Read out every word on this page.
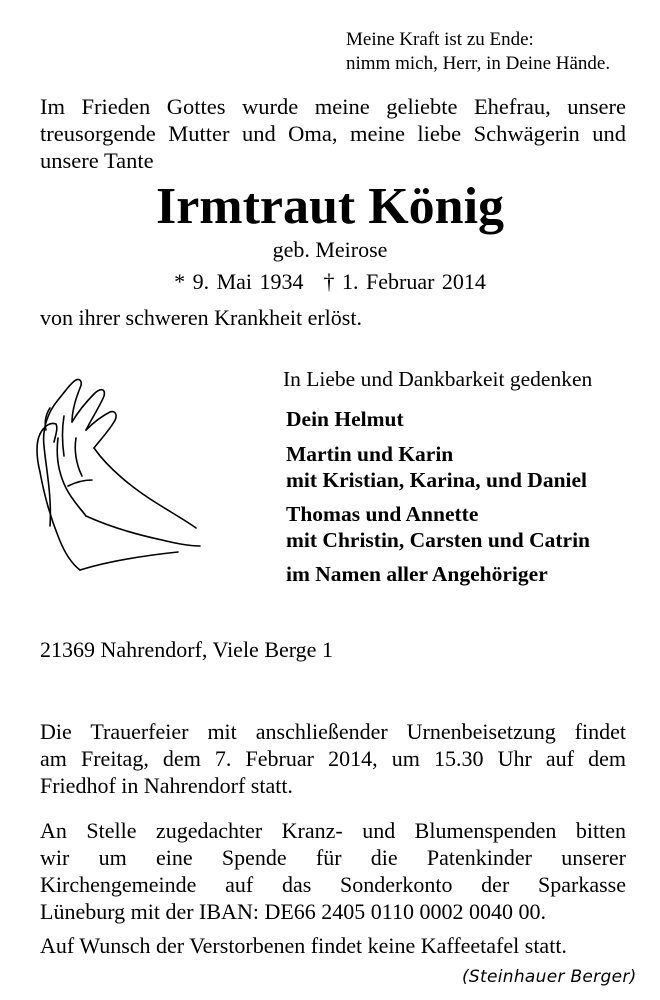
Meine Kraft ist zu Ende:
nimm mich, Herr, in Deine Hände.
Im Frieden Gottes wurde meine geliebte Ehefrau, unsere
treusorgende Mutter und Oma, meine liebe Schwägerin und
unsere Tante
Irmtraut König
geb. Meirose
* 9. Mai 1934 † 1. Februar 2014
von ihrer schweren Krankheit erlöst.
In Liebe und Dankbarkeit gedenken
Dein Helmut
Martin und Karin
mit Kristian, Karina, und Daniel
Thomas und Annette
mit Christin, Carsten und Catrin
im Namen aller Angehöriger
21369 Nahrendorf, Viele Berge 1
Die Trauerfeier mit anschließender Urnenbeisetzung findet
am Freitag, dem 7. Februar 2014, um 15.30 Uhr auf dem
Friedhof in Nahrendorf statt.
An Stelle zugedachter Kranz- und Blumenspenden bitten
wir um eine Spende für die Patenkinder unserer
Kirchengemeinde auf das Sonderkonto der Sparkasse
Lüneburg mit der IBAN: DE66 2405 0110 0002 0040 00.
Auf Wunsch der Verstorbenen findet keine Kaffeetafel statt.
(Steinhauer Berger)
